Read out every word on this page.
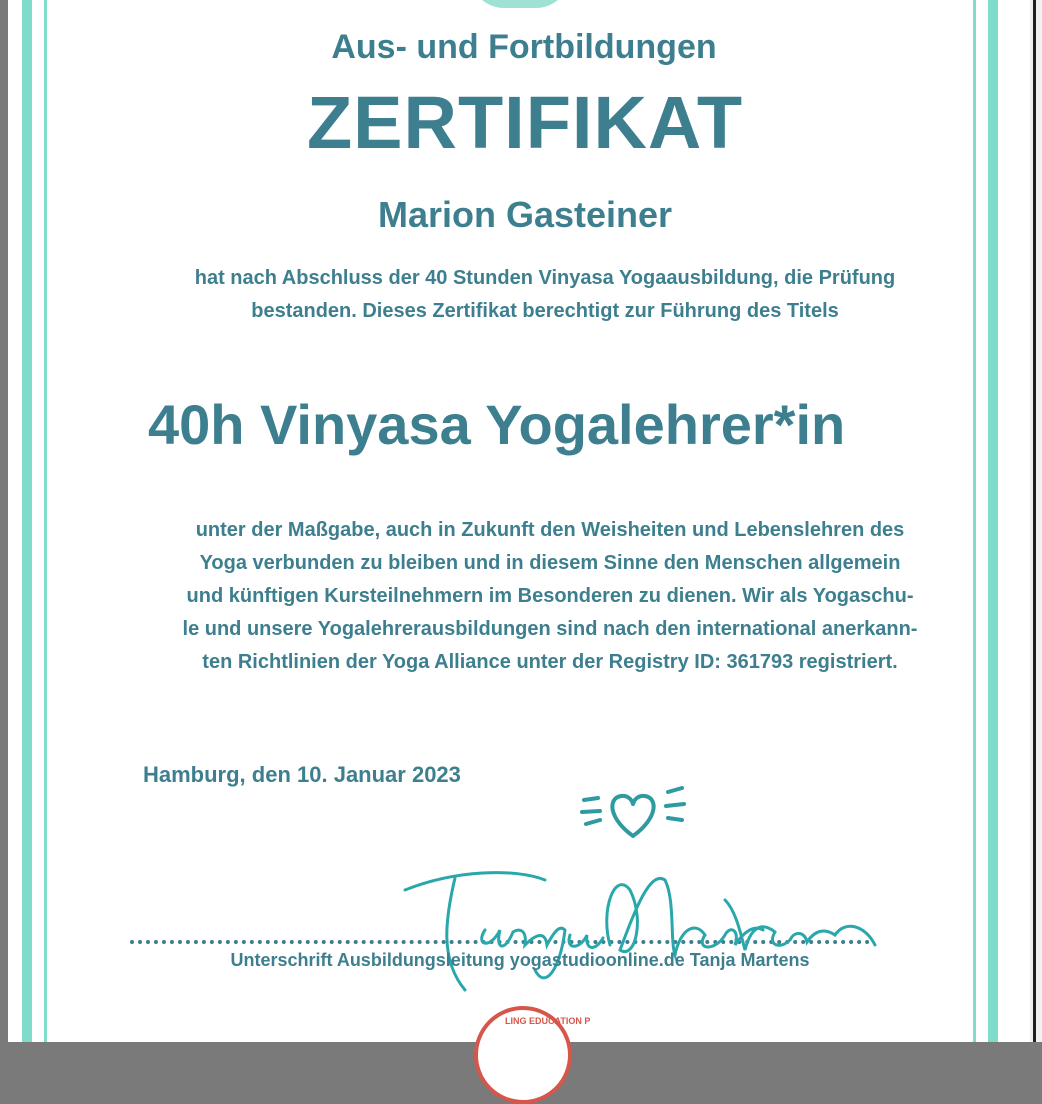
Aus- und Fortbildungen
ZERTIFIKAT
Marion Gasteiner
hat nach Abschluss der 40 Stunden Vinyasa Yogaausbildung, die Prüfung
bestanden. Dieses Zertifikat berechtigt zur Führung des Titels
40h Vinyasa Yogalehrer*in
unter der Maßgabe, auch in Zukunft den Weisheiten und Lebenslehren des
Yoga verbunden zu bleiben und in diesem Sinne den Menschen allgemein
und künftigen Kursteilnehmern im Besonderen zu dienen. Wir als Yogaschu-
le und unsere Yogalehrerausbildungen sind nach den international anerkann-
ten Richtlinien der Yoga Alliance unter der Registry ID: 361793 registriert.
Hamburg, den 10. Januar 2023
Tanja Martens
Unterschrift Ausbildungsleitung yogastudioonline.de Tanja Martens
LING EDUCATION P
